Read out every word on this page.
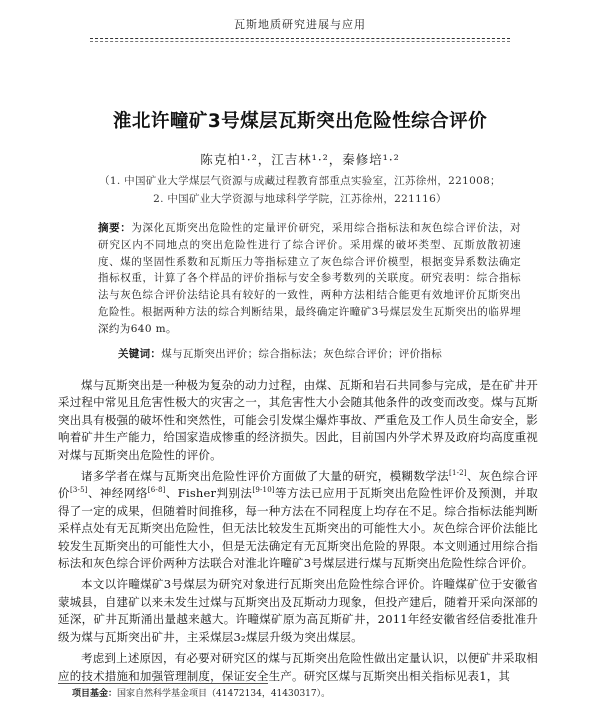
瓦斯地质研究进展与应用
淮北许疃矿3号煤层瓦斯突出危险性综合评价
陈克柏¹·²，江吉林¹·²，秦修培¹·²
（1. 中国矿业大学煤层气资源与成藏过程教育部重点实验室，江苏徐州，221008；
2. 中国矿业大学资源与地球科学学院，江苏徐州，221116）
摘要：为深化瓦斯突出危险性的定量评价研究，采用综合指标法和灰色综合评价法，对研究区内不同地点的突出危险性进行了综合评价。采用煤的破坏类型、瓦斯放散初速度、煤的坚固性系数和瓦斯压力等指标建立了灰色综合评价模型，根据变异系数法确定指标权重，计算了各个样品的评价指标与安全参考数列的关联度。研究表明：综合指标法与灰色综合评价法结论具有较好的一致性，两种方法相结合能更有效地评价瓦斯突出危险性。根据两种方法的综合判断结果，最终确定许疃矿3号煤层发生瓦斯突出的临界埋深约为640 m。
关键词：煤与瓦斯突出评价；综合指标法；灰色综合评价；评价指标

煤与瓦斯突出是一种极为复杂的动力过程，由煤、瓦斯和岩石共同参与完成，是在矿井开采过程中常见且危害性极大的灾害之一，其危害性大小会随其他条件的改变而改变。煤与瓦斯突出具有极强的破坏性和突然性，可能会引发煤尘爆炸事故、严重危及工作人员生命安全，影响着矿井生产能力，给国家造成惨重的经济损失。因此，目前国内外学术界及政府均高度重视对煤与瓦斯突出危险性的评价。

诸多学者在煤与瓦斯突出危险性评价方面做了大量的研究，模糊数学法[1-2]、灰色综合评价[3-5]、神经网络[6-8]、Fisher判别法[9-10]等方法已应用于瓦斯突出危险性评价及预测，并取得了一定的成果，但随着时间推移，每一种方法在不同程度上均存在不足。综合指标法能判断采样点处有无瓦斯突出危险性，但无法比较发生瓦斯突出的可能性大小。灰色综合评价法能比较发生瓦斯突出的可能性大小，但是无法确定有无瓦斯突出危险的界限。本文则通过用综合指标法和灰色综合评价两种方法联合对淮北许疃矿3号煤层进行煤与瓦斯突出危险性综合评价。

本文以许疃煤矿3号煤层为研究对象进行瓦斯突出危险性综合评价。许疃煤矿位于安徽省蒙城县，自建矿以来未发生过煤与瓦斯突出及瓦斯动力现象，但投产建后，随着开采向深部的延深，矿井瓦斯涌出量越来越大。许疃煤矿原为高瓦斯矿井，2011年经安徽省经信委批准升级为煤与瓦斯突出矿井，主采煤层3₂煤层升级为突出煤层。

考虑到上述原因，有必要对研究区的煤与瓦斯突出危险性做出定量认识，以便矿井采取相应的技术措施和加强管理制度，保证安全生产。研究区煤与瓦斯突出相关指标见表1，其

项目基金：国家自然科学基金项目（41472134，41430317）。
